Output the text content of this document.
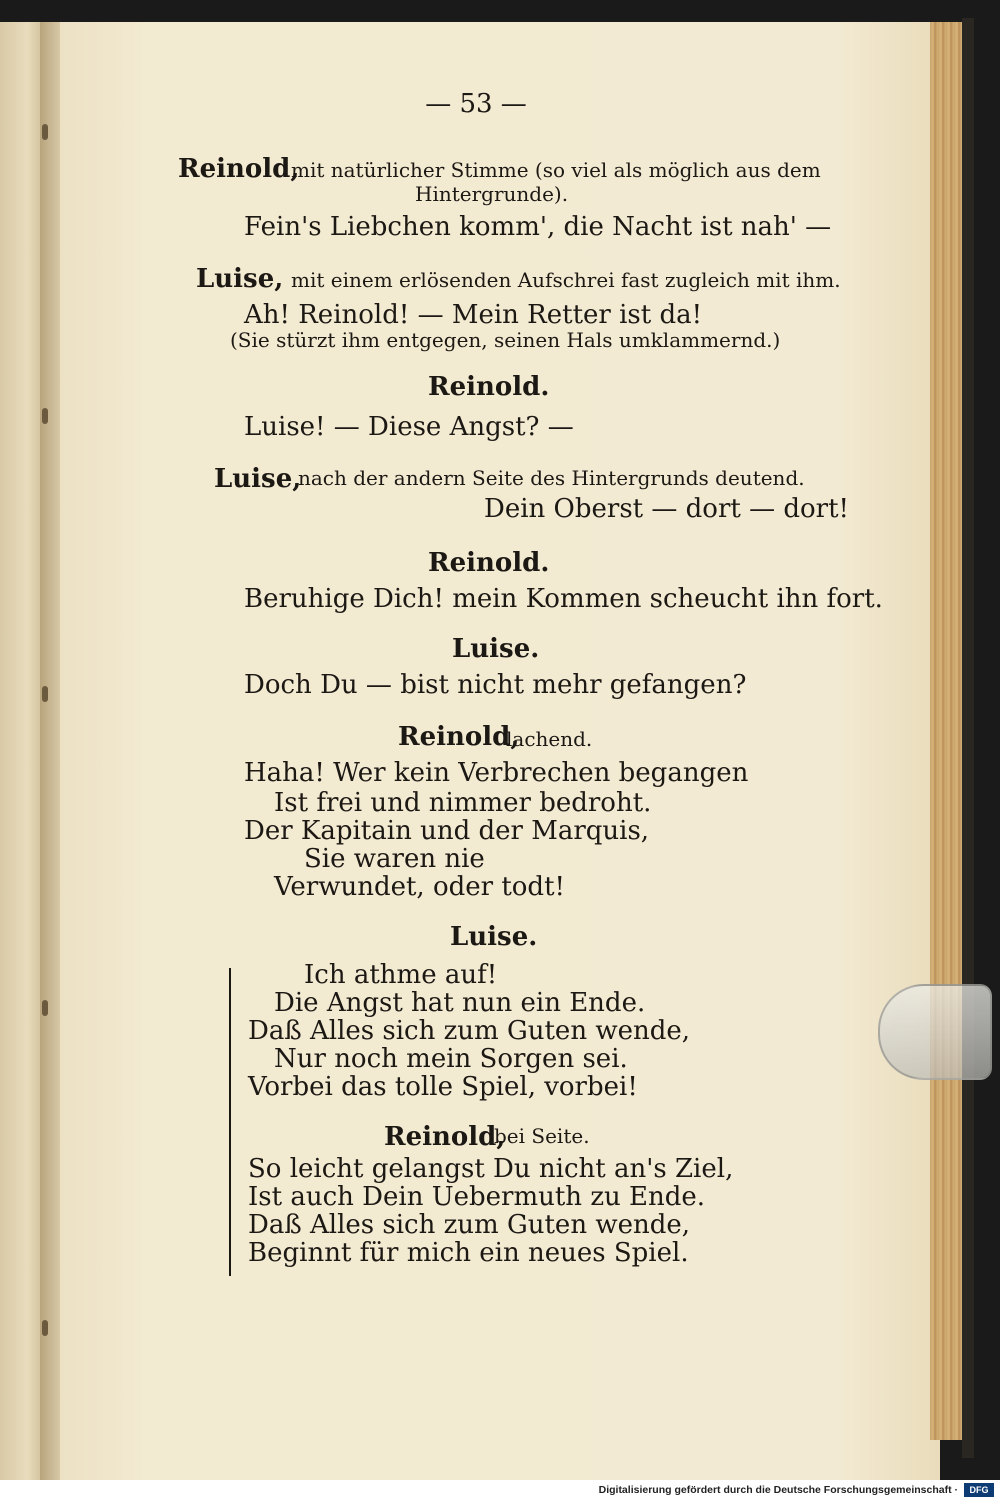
— 53 —

Reinold,

mit natürlicher Stimme (so viel als möglich aus dem

Hintergrunde).

Fein's Liebchen komm', die Nacht ist nah' —

Luise, mit einem erlösenden Aufschrei fast zugleich mit ihm.

Ah! Reinold! — Mein Retter ist da!

(Sie stürzt ihm entgegen, seinen Hals umklammernd.)

Reinold.

Luise! — Diese Angst? —

Luise,

nach der andern Seite des Hintergrunds deutend.

Dein Oberst — dort — dort!

Reinold.

Beruhige Dich! mein Kommen scheucht ihn fort.

Luise.

Doch Du — bist nicht mehr gefangen?

Reinold,

lachend.

Haha! Wer kein Verbrechen begangen

Ist frei und nimmer bedroht.

Der Kapitain und der Marquis,

Sie waren nie

Verwundet, oder todt!

Luise.

Ich athme auf!

Die Angst hat nun ein Ende.

Daß Alles sich zum Guten wende,

Nur noch mein Sorgen sei.

Vorbei das tolle Spiel, vorbei!

Reinold,

bei Seite.

So leicht gelangst Du nicht an's Ziel,

Ist auch Dein Uebermuth zu Ende.

Daß Alles sich zum Guten wende,

Beginnt für mich ein neues Spiel.

Digitalisierung gefördert durch die Deutsche Forschungsgemeinschaft ·	DFG
